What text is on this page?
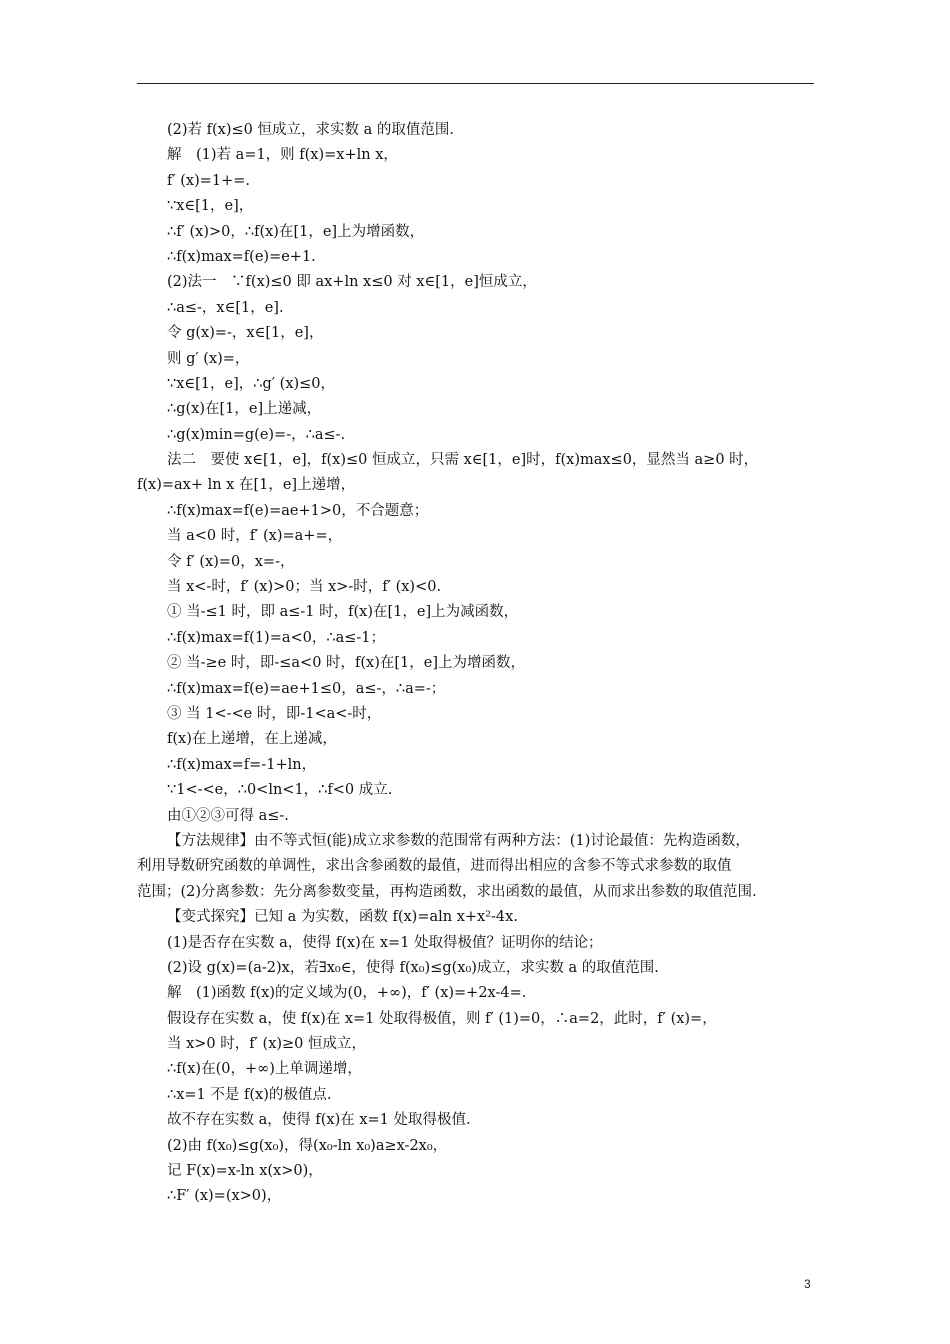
(2)若 f(x)≤0 恒成立，求实数 a 的取值范围.
解　(1)若 a=1，则 f(x)=x+ln x，
f′ (x)=1+=.
∵x∈[1，e]，
∴f′ (x)>0，∴f(x)在[1，e]上为增函数，
∴f(x)max=f(e)=e+1.
(2)法一　∵f(x)≤0 即 ax+ln x≤0 对 x∈[1，e]恒成立，
∴a≤-，x∈[1，e].
令 g(x)=-，x∈[1，e]，
则 g′ (x)=，
∵x∈[1，e]，∴g′ (x)≤0，
∴g(x)在[1，e]上递减，
∴g(x)min=g(e)=-，∴a≤-.
法二　要使 x∈[1，e]，f(x)≤0 恒成立，只需 x∈[1，e]时，f(x)max≤0，显然当 a≥0 时，
f(x)=ax+ ln x 在[1，e]上递增，
∴f(x)max=f(e)=ae+1>0，不合题意；
当 a<0 时，f′ (x)=a+=，
令 f′ (x)=0，x=-，
当 x<-时，f′ (x)>0；当 x>-时，f′ (x)<0.
① 当-≤1 时，即 a≤-1 时，f(x)在[1，e]上为减函数，
∴f(x)max=f(1)=a<0，∴a≤-1；
② 当-≥e 时，即-≤a<0 时，f(x)在[1，e]上为增函数，
∴f(x)max=f(e)=ae+1≤0，a≤-，∴a=-；
③ 当 1<-<e 时，即-1<a<-时，
f(x)在上递增，在上递减，
∴f(x)max=f=-1+ln，
∵1<-<e，∴0<ln<1，∴f<0 成立.
由①②③可得 a≤-.
【方法规律】由不等式恒(能)成立求参数的范围常有两种方法：(1)讨论最值：先构造函数，
利用导数研究函数的单调性，求出含参函数的最值，进而得出相应的含参不等式求参数的取值
范围；(2)分离参数：先分离参数变量，再构造函数，求出函数的最值，从而求出参数的取值范围.
【变式探究】已知 a 为实数，函数 f(x)=aln x+x²-4x.
(1)是否存在实数 a，使得 f(x)在 x=1 处取得极值？证明你的结论；
(2)设 g(x)=(a-2)x，若∃x₀∈，使得 f(x₀)≤g(x₀)成立，求实数 a 的取值范围.
解　(1)函数 f(x)的定义域为(0，+∞)，f′ (x)=+2x-4=.
假设存在实数 a，使 f(x)在 x=1 处取得极值，则 f′ (1)=0，∴a=2，此时，f′ (x)=，
当 x>0 时，f′ (x)≥0 恒成立，
∴f(x)在(0，+∞)上单调递增，
∴x=1 不是 f(x)的极值点.
故不存在实数 a，使得 f(x)在 x=1 处取得极值.
(2)由 f(x₀)≤g(x₀)，得(x₀-ln x₀)a≥x-2x₀，
记 F(x)=x-ln x(x>0)，
∴F′ (x)=(x>0)，
3
